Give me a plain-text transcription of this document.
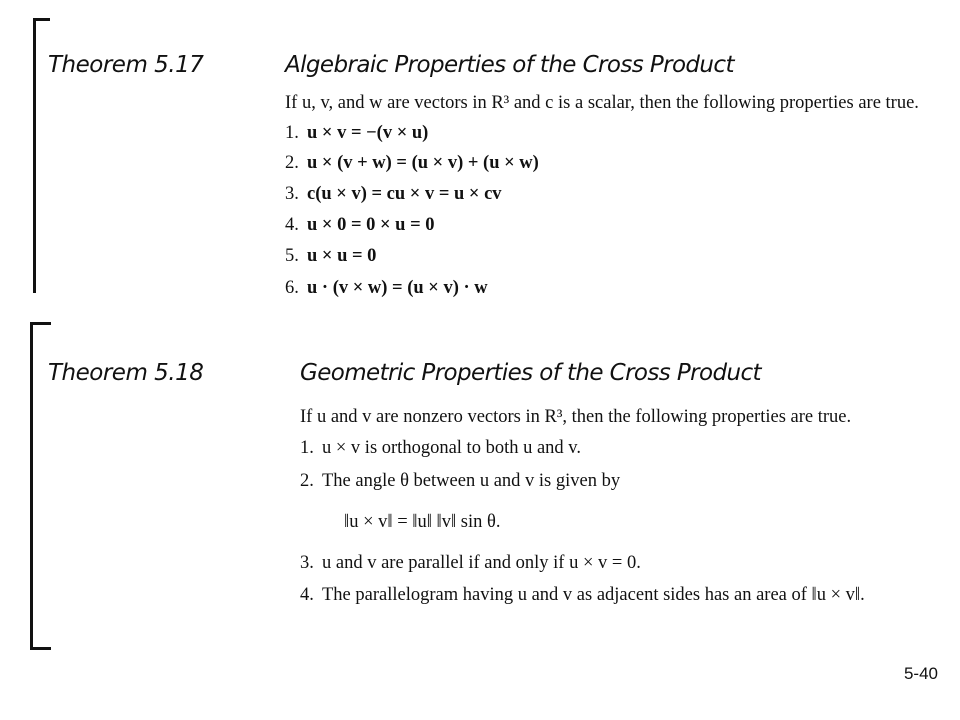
Theorem 5.17	Algebraic Properties of the Cross Product
If u, v, and w are vectors in R³ and c is a scalar, then the following properties are true.
1. u × v = −(v × u)
2. u × (v + w) = (u × v) + (u × w)
3. c(u × v) = cu × v = u × cv
4. u × 0 = 0 × u = 0
5. u × u = 0
6. u · (v × w) = (u × v) · w
Theorem 5.18	Geometric Properties of the Cross Product
If u and v are nonzero vectors in R³, then the following properties are true.
1. u × v is orthogonal to both u and v.
2. The angle θ between u and v is given by
‖u × v‖ = ‖u‖ ‖v‖ sin θ.
3. u and v are parallel if and only if u × v = 0.
4. The parallelogram having u and v as adjacent sides has an area of ‖u × v‖.
5-40
